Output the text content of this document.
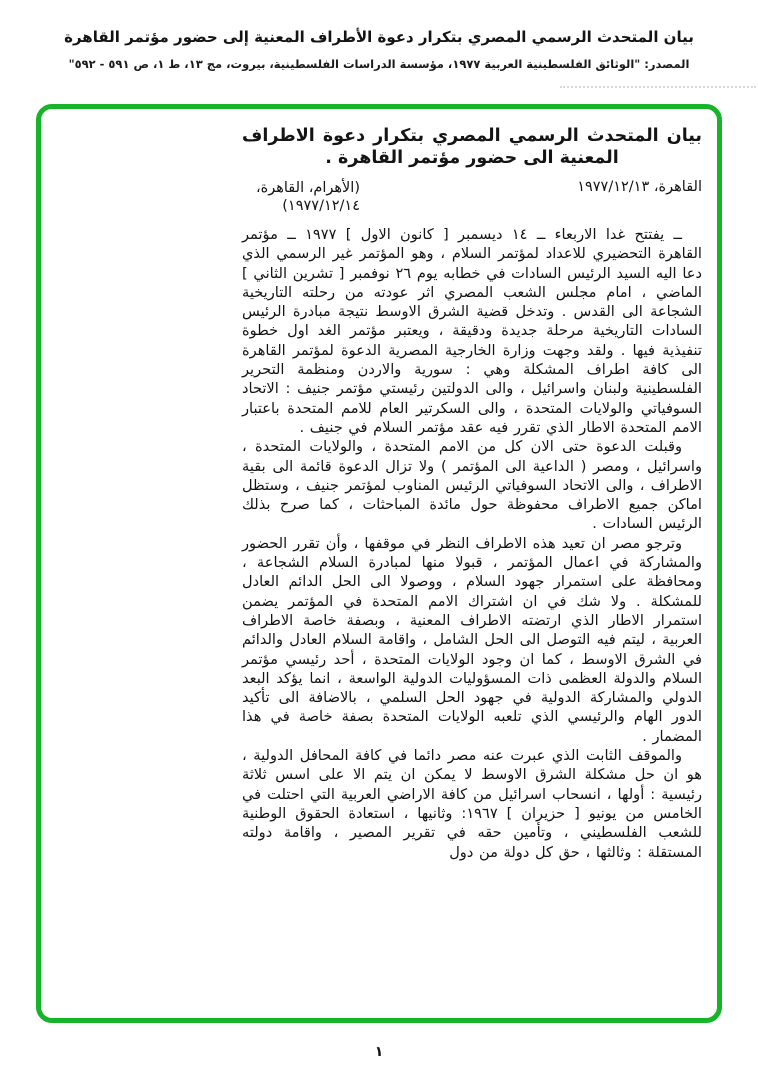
بيان المتحدث الرسمي المصري بتكرار دعوة الأطراف المعنية إلى حضور مؤتمر القاهرة
المصدر: "الوثائق الفلسطينية العربية ١٩٧٧، مؤسسة الدراسات الفلسطينية، بيروت، مج ١٣، ط ١، ص ٥٩١ - ٥٩٢"
بيان المتحدث الرسمي المصري بتكرار دعوة الاطراف المعنية الى حضور مؤتمر القاهرة .
القاهرة، ١٩٧٧/١٢/١٣
(الأهرام، القاهرة، ١٩٧٧/١٢/١٤)

ــ يفتتح غدا الاربعاء ــ ١٤ ديسمبر [ كانون الاول ] ١٩٧٧ ــ مؤتمر القاهرة التحضيري للاعداد لمؤتمر السلام ، وهو المؤتمر غير الرسمي الذي دعا اليه السيد الرئيس السادات في خطابه يوم ٢٦ نوفمبر [ تشرين الثاني ] الماضي ، امام مجلس الشعب المصري اثر عودته من رحلته التاريخية الشجاعة الى القدس . وتدخل قضية الشرق الاوسط نتيجة مبادرة الرئيس السادات التاريخية مرحلة جديدة ودقيقة ، ويعتبر مؤتمر الغد اول خطوة تنفيذية فيها . ولقد وجهت وزارة الخارجية المصرية الدعوة لمؤتمر القاهرة الى كافة اطراف المشكلة وهي : سورية والاردن ومنظمة التحرير الفلسطينية ولبنان واسرائيل ، والى الدولتين رئيستي مؤتمر جنيف : الاتحاد السوفياتي والولايات المتحدة ، والى السكرتير العام للامم المتحدة باعتبار الامم المتحدة الاطار الذي تقرر فيه عقد مؤتمر السلام في جنيف .

وقبلت الدعوة حتى الان كل من الامم المتحدة ، والولايات المتحدة ، واسرائيل ، ومصر ( الداعية الى المؤتمر ) ولا تزال الدعوة قائمة الى بقية الاطراف ، والى الاتحاد السوفياتي الرئيس المناوب لمؤتمر جنيف ، وستظل اماكن جميع الاطراف محفوظة حول مائدة المباحثات ، كما صرح بذلك الرئيس السادات .

وترجو مصر ان تعيد هذه الاطراف النظر في موقفها ، وأن تقرر الحضور والمشاركة في اعمال المؤتمر ، قبولا منها لمبادرة السلام الشجاعة ، ومحافظة على استمرار جهود السلام ، ووصولا الى الحل الدائم العادل للمشكلة . ولا شك في ان اشتراك الامم المتحدة في المؤتمر يضمن استمرار الاطار الذي ارتضته الاطراف المعنية ، وبصفة خاصة الاطراف العربية ، ليتم فيه التوصل الى الحل الشامل ، واقامة السلام العادل والدائم في الشرق الاوسط ، كما ان وجود الولايات المتحدة ، أحد رئيسي مؤتمر السلام والدولة العظمى ذات المسؤوليات الدولية الواسعة ، انما يؤكد البعد الدولي والمشاركة الدولية في جهود الحل السلمي ، بالاضافة الى تأكيد الدور الهام والرئيسي الذي تلعبه الولايات المتحدة بصفة خاصة في هذا المضمار .

والموقف الثابت الذي عبرت عنه مصر دائما في كافة المحافل الدولية ، هو ان حل مشكلة الشرق الاوسط لا يمكن ان يتم الا على اسس ثلاثة رئيسية : أولها ، انسحاب اسرائيل من كافة الاراضي العربية التي احتلت في الخامس من يونيو [ حزيران ] ١٩٦٧: وثانيها ، استعادة الحقوق الوطنية للشعب الفلسطيني ، وتأمين حقه في تقرير المصير ، واقامة دولته المستقلة : وثالثها ، حق كل دولة من دول

١
